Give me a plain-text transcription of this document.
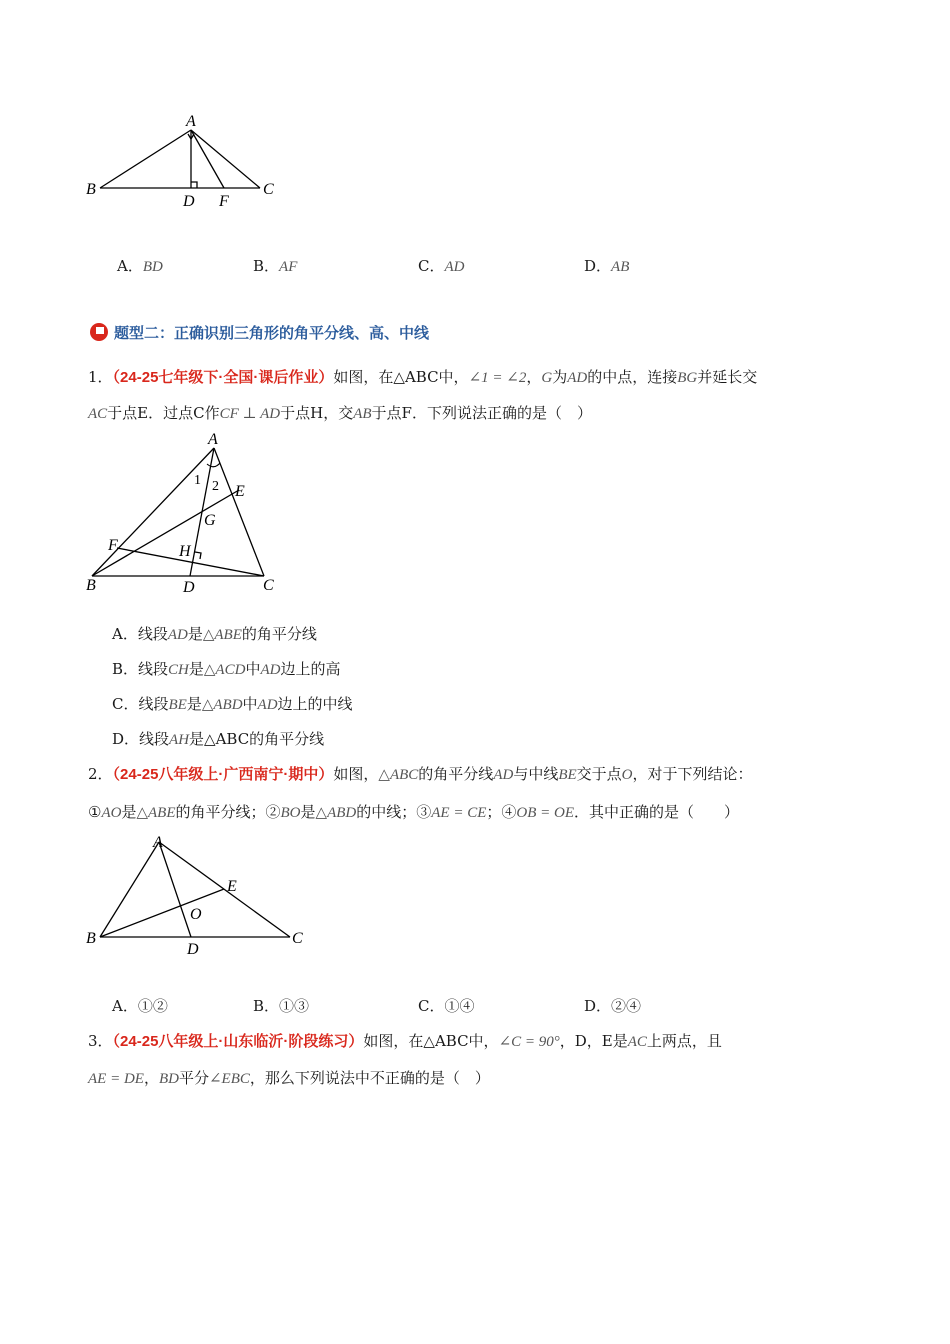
A
B	C
D F
A．BD	B．AF	C．AD	D．AB
题型二：正确识别三角形的角平分线、高、中线
1．（24-25七年级下·全国·课后作业）如图，在△ABC中，∠1 = ∠2，G为AD的中点，连接BG并延长交
AC于点E．过点C作CF ⊥ AD于点H，交AB于点F．下列说法正确的是（　）
A
B	C
D
E
F
G
H
1 2
A．线段AD是△ABE的角平分线
B．线段CH是△ACD中AD边上的高
C．线段BE是△ABD中AD边上的中线
D．线段AH是△ABC的角平分线
2．（24-25八年级上·广西南宁·期中）如图，△ABC的角平分线AD与中线BE交于点O，对于下列结论：
①AO是△ABE的角平分线；②BO是△ABD的中线；③AE = CE；④OB = OE．其中正确的是（　　）
A
B	C
D
E
O
A．①②	B．①③	C．①④	D．②④
3．（24-25八年级上·山东临沂·阶段练习）如图，在△ABC中，∠C = 90°，D，E是AC上两点，且
AE = DE，BD平分∠EBC，那么下列说法中不正确的是（　）
